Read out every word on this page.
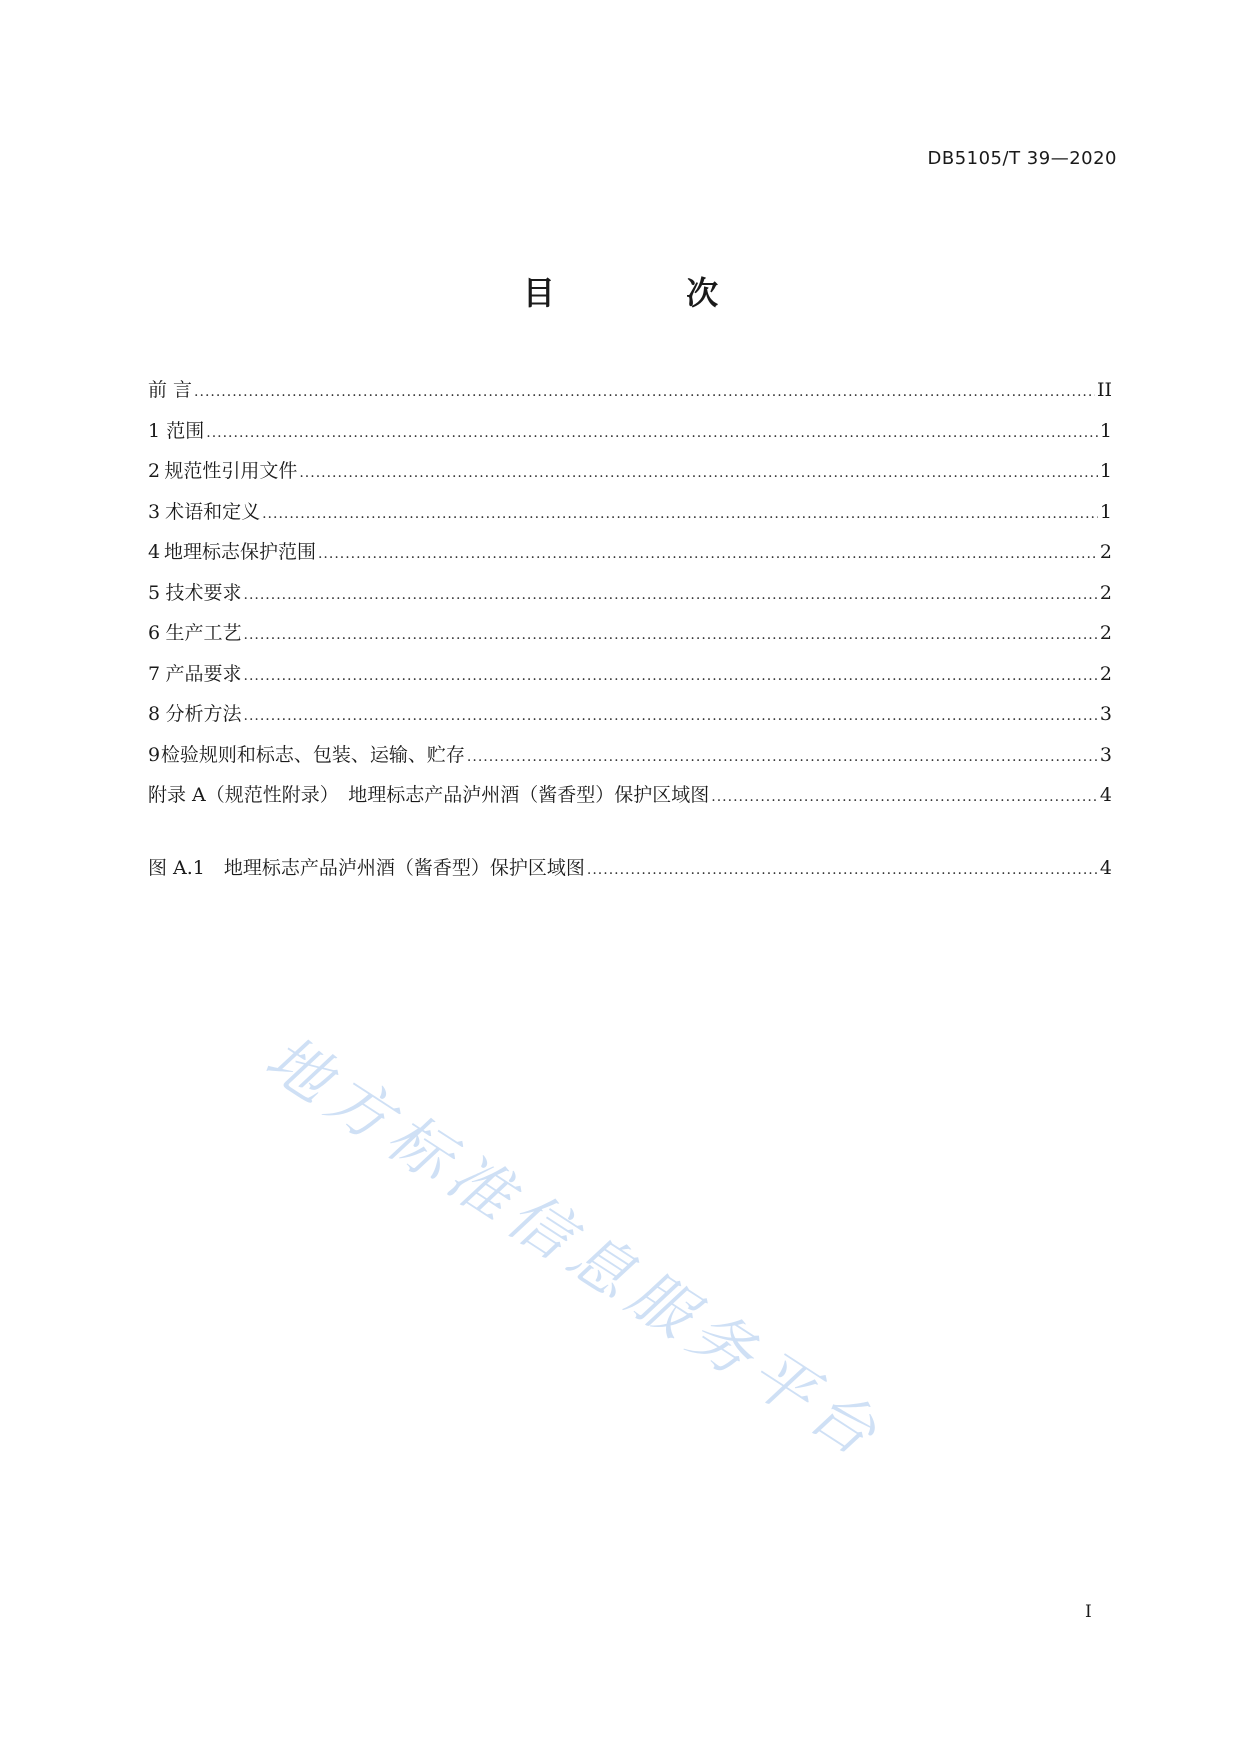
DB5105/T 39—2020
目 次
前 言 .....	II
1 范围 .....	1
2 规范性引用文件 .....	1
3 术语和定义 .....	1
4 地理标志保护范围 .....	2
5 技术要求 .....	2
6 生产工艺 .....	2
7 产品要求 .....	2
8 分析方法 .....	3
9 检验规则和标志、包装、运输、贮存 .....	3
附录 A（规范性附录）　地理标志产品泸州酒（酱香型）保护区域图 .....	4
图 A.1　地理标志产品泸州酒（酱香型）保护区域图 .....	4
地方标准信息服务平台
I
